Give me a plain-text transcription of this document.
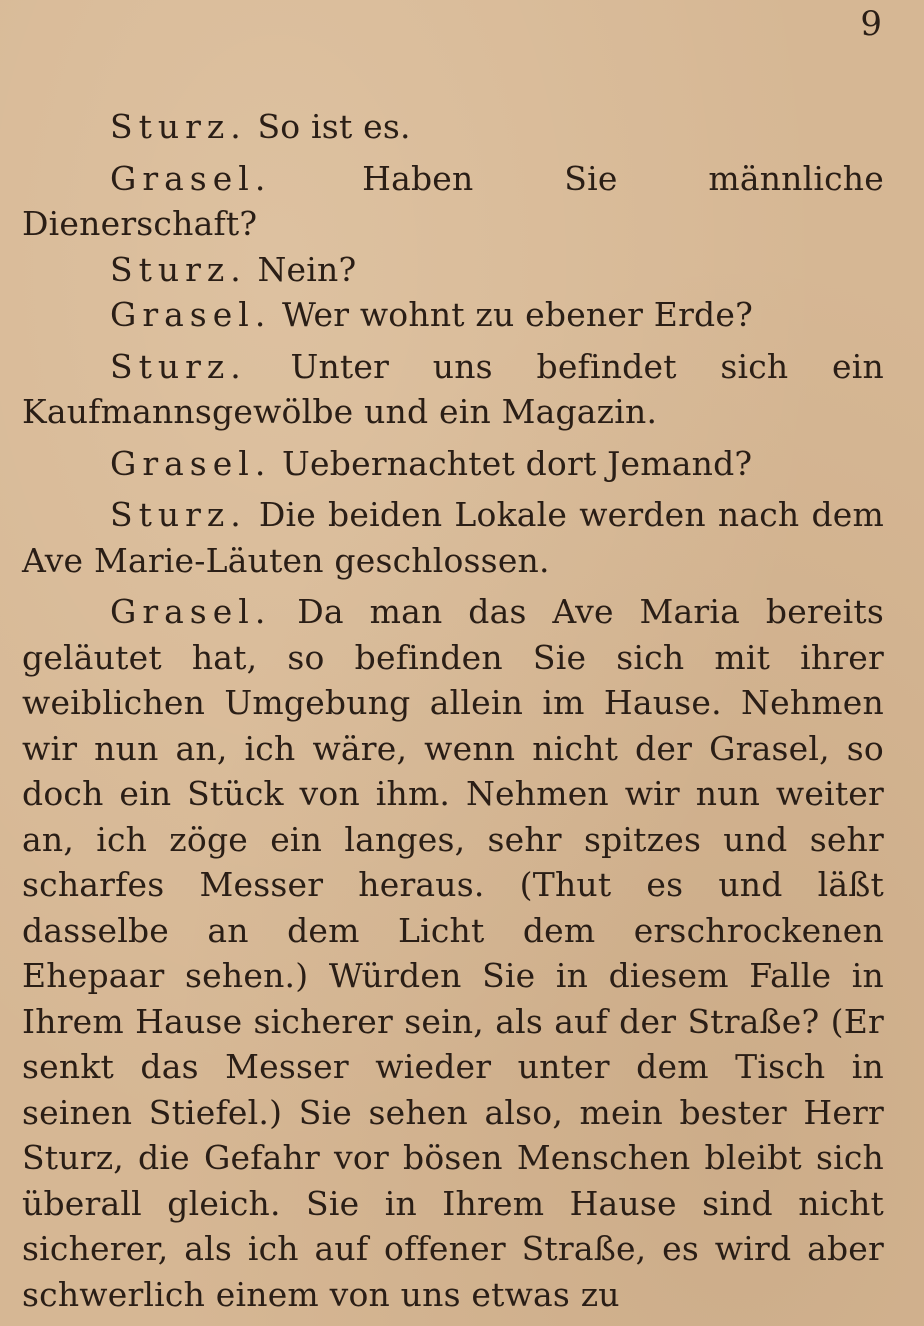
9

Sturz. So ist es.

Grasel.	Haben Sie männliche Dienerschaft?

Sturz. Nein?

Grasel. Wer wohnt zu ebener Erde?

Sturz. Unter uns befindet sich ein Kaufmannsgewölbe und ein Magazin.

Grasel. Uebernachtet dort Jemand?

Sturz. Die beiden Lokale werden nach dem Ave Marie-Läuten geschlossen.

Grasel. Da man das Ave Maria bereits geläutet hat, so befinden Sie sich mit ihrer weiblichen Umgebung allein im Hause. Nehmen wir nun an, ich wäre, wenn nicht der Grasel, so doch ein Stück von ihm. Nehmen wir nun weiter an, ich zöge ein langes, sehr spitzes und sehr scharfes Messer heraus. (Thut es und läßt dasselbe an dem Licht dem erschrockenen Ehepaar sehen.) Würden Sie in diesem Falle in Ihrem Hause sicherer sein, als auf der Straße? (Er senkt das Messer wieder unter dem Tisch in seinen Stiefel.) Sie sehen also, mein bester Herr Sturz, die Gefahr vor bösen Menschen bleibt sich überall gleich. Sie in Ihrem Hause sind nicht sicherer, als ich auf offener Straße, es wird aber schwerlich einem von uns etwas zu
